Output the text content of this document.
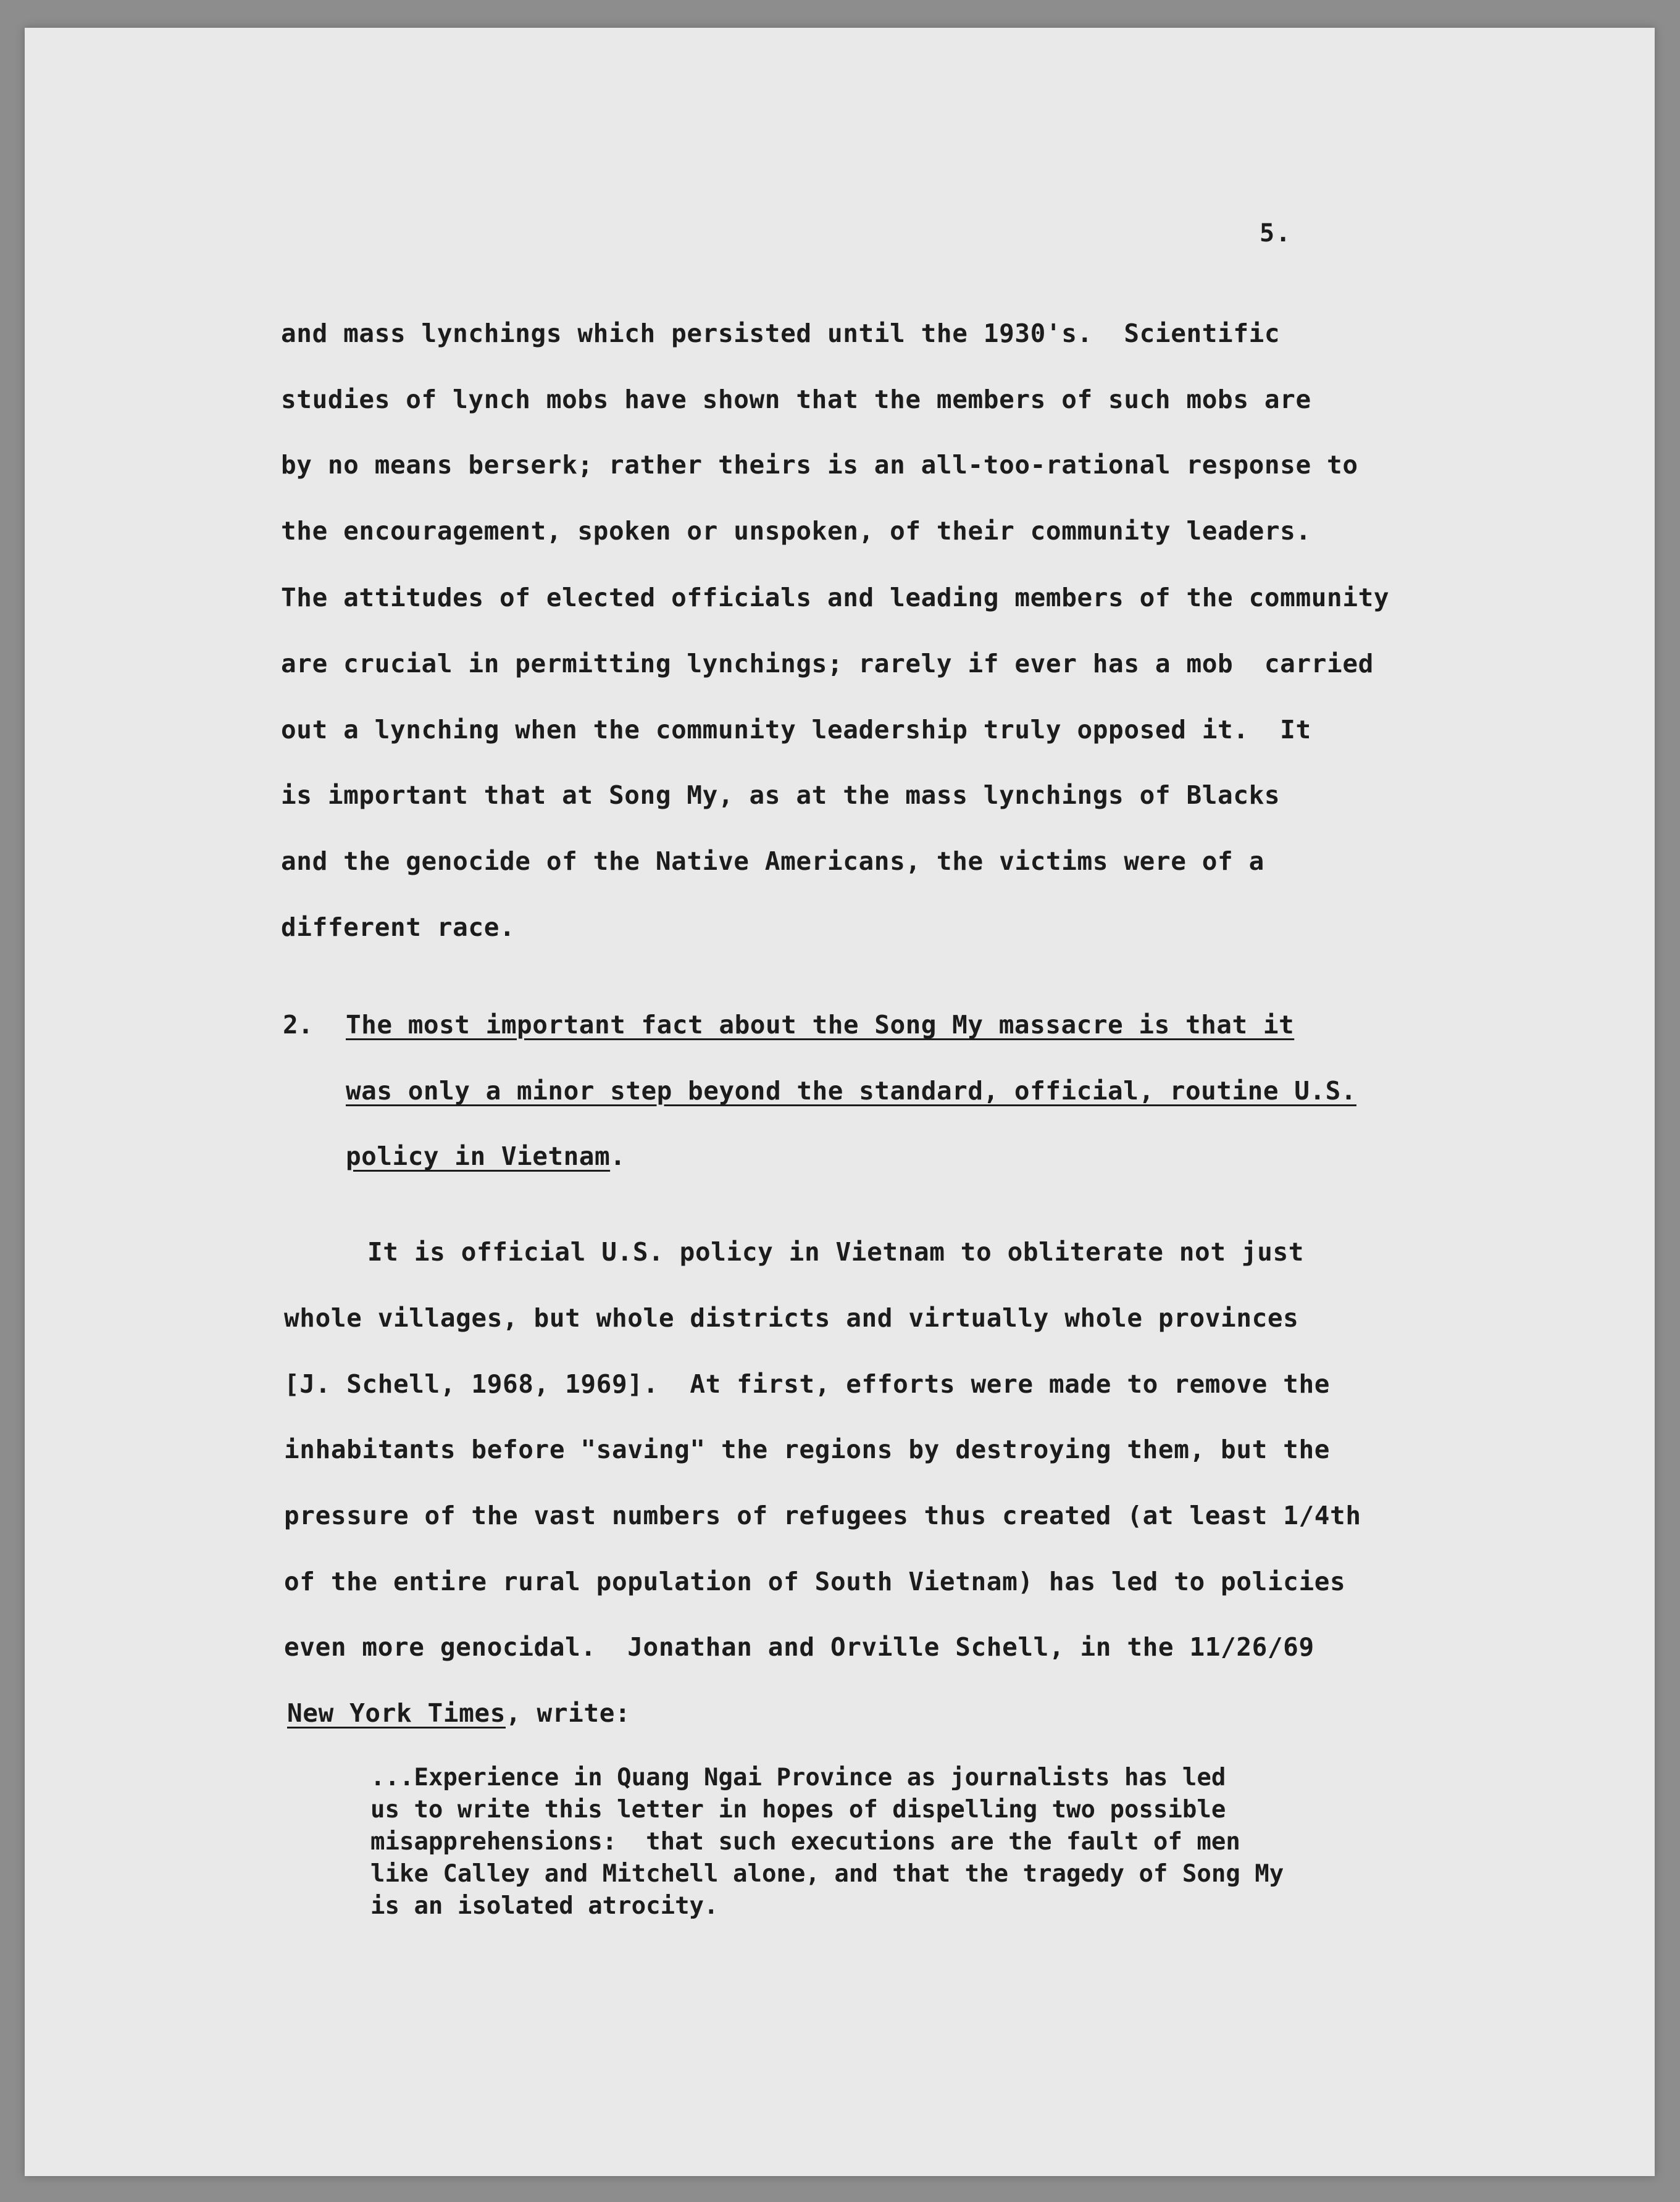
5.

and mass lynchings which persisted until the 1930's.  Scientific

studies of lynch mobs have shown that the members of such mobs are

by no means berserk; rather theirs is an all-too-rational response to

the encouragement, spoken or unspoken, of their community leaders.

The attitudes of elected officials and leading members of the community

are crucial in permitting lynchings; rarely if ever has a mob  carried

out a lynching when the community leadership truly opposed it.  It

is important that at Song My, as at the mass lynchings of Blacks

and the genocide of the Native Americans, the victims were of a

different race.

2. The most important fact about the Song My massacre is that it

was only a minor step beyond the standard, official, routine U.S.

policy in Vietnam.

It is official U.S. policy in Vietnam to obliterate not just

whole villages, but whole districts and virtually whole provinces

[J. Schell, 1968, 1969].  At first, efforts were made to remove the

inhabitants before "saving" the regions by destroying them, but the

pressure of the vast numbers of refugees thus created (at least 1/4th

of the entire rural population of South Vietnam) has led to policies

even more genocidal.  Jonathan and Orville Schell, in the 11/26/69

New York Times, write:

...Experience in Quang Ngai Province as journalists has led

us to write this letter in hopes of dispelling two possible

misapprehensions:  that such executions are the fault of men

like Calley and Mitchell alone, and that the tragedy of Song My

is an isolated atrocity.
